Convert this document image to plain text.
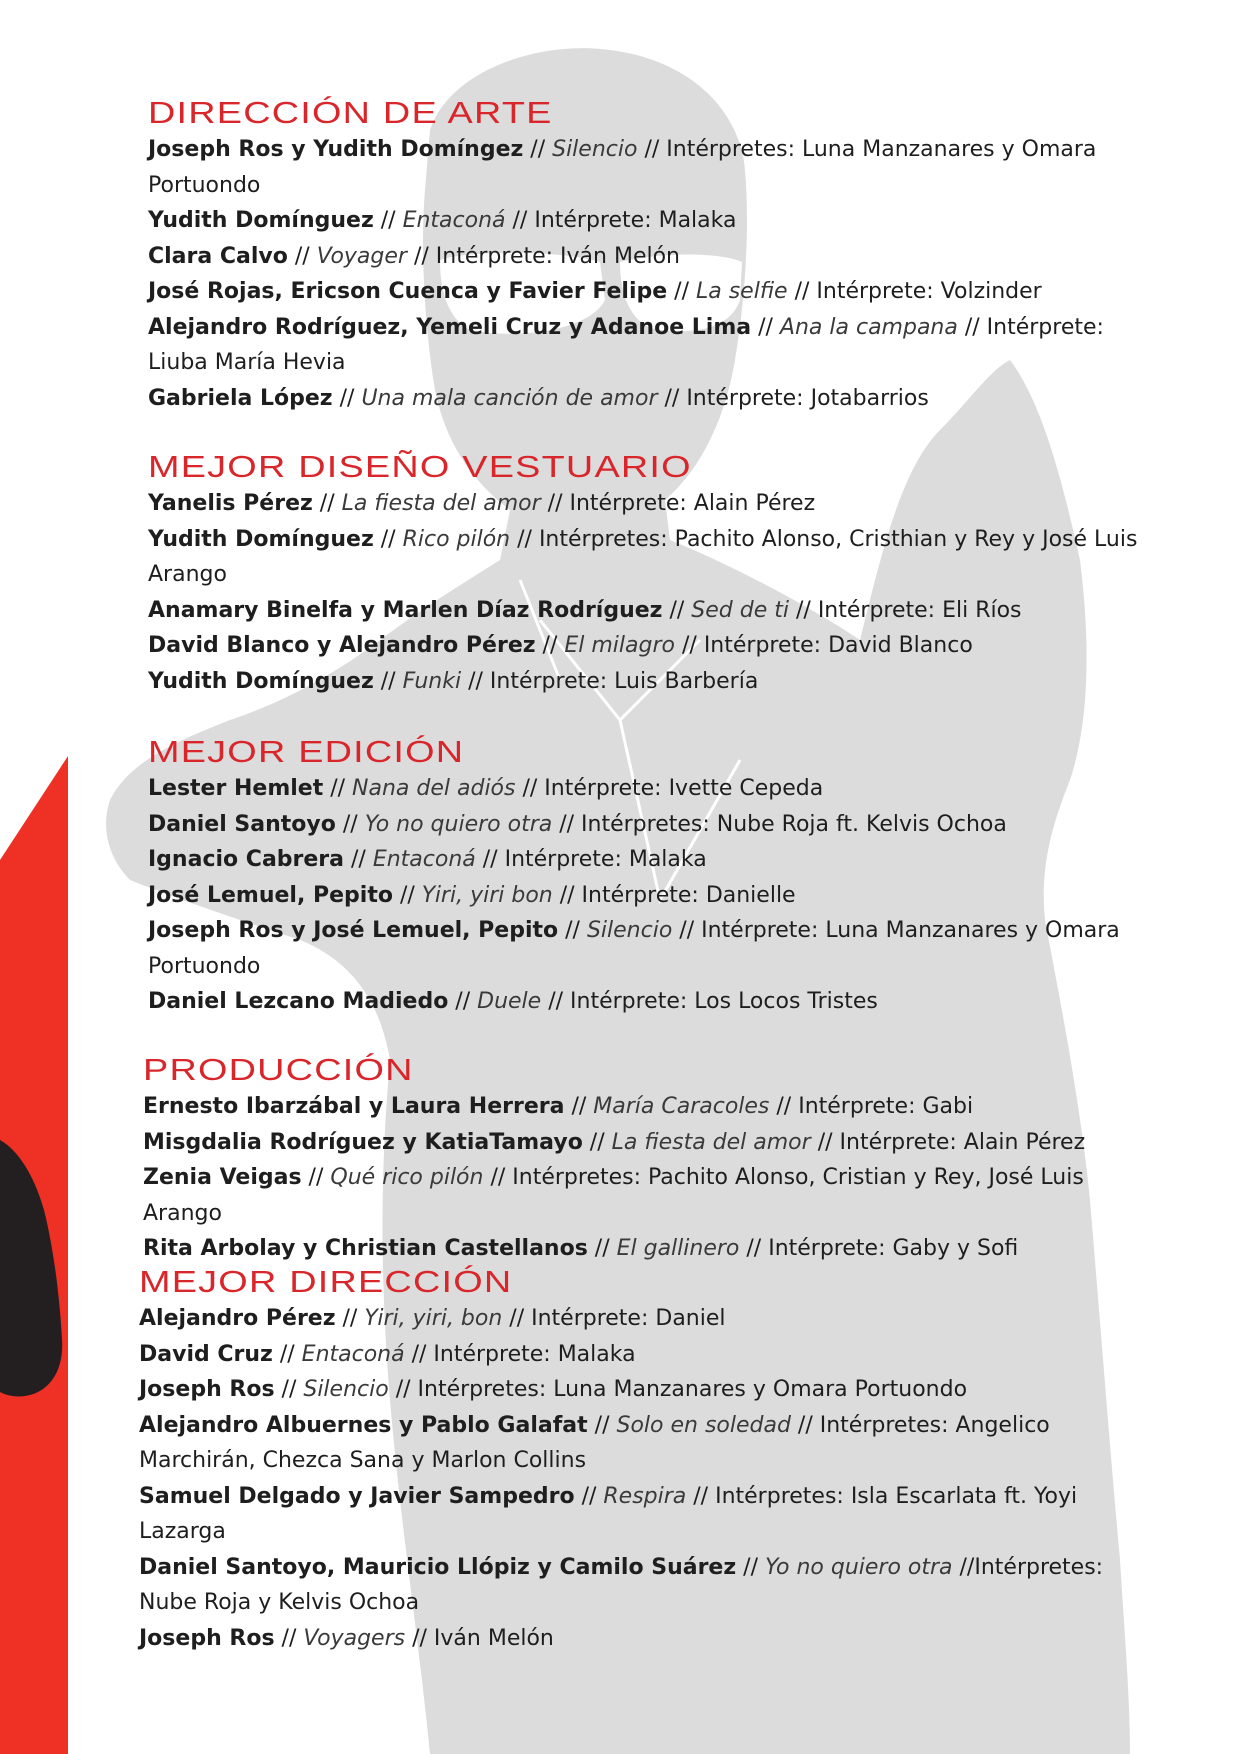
DIRECCIÓN DE ARTE
Joseph Ros y Yudith Domíngez // Silencio // Intérpretes: Luna Manzanares y Omara Portuondo
Yudith Domínguez // Entaconá // Intérprete: Malaka
Clara Calvo // Voyager // Intérprete: Iván Melón
José Rojas, Ericson Cuenca y Favier Felipe // La selfie // Intérprete: Volzinder
Alejandro Rodríguez, Yemeli Cruz y Adanoe Lima // Ana la campana // Intérprete: Liuba María Hevia
Gabriela López // Una mala canción de amor // Intérprete: Jotabarrios
MEJOR DISEÑO VESTUARIO
Yanelis Pérez // La fiesta del amor // Intérprete: Alain Pérez
Yudith Domínguez // Rico pilón // Intérpretes: Pachito Alonso, Cristhian y Rey y José Luis Arango
Anamary Binelfa y Marlen Díaz Rodríguez // Sed de ti // Intérprete: Eli Ríos
David Blanco y Alejandro Pérez // El milagro // Intérprete: David Blanco
Yudith Domínguez // Funki // Intérprete: Luis Barbería
MEJOR EDICIÓN
Lester Hemlet // Nana del adiós // Intérprete: Ivette Cepeda
Daniel Santoyo // Yo no quiero otra // Intérpretes: Nube Roja ft. Kelvis Ochoa
Ignacio Cabrera // Entaconá // Intérprete: Malaka
José Lemuel, Pepito // Yiri, yiri bon // Intérprete: Danielle
Joseph Ros y José Lemuel, Pepito // Silencio // Intérprete: Luna Manzanares y Omara Portuondo
Daniel Lezcano Madiedo // Duele // Intérprete: Los Locos Tristes
PRODUCCIÓN
Ernesto Ibarzábal y Laura Herrera // María Caracoles // Intérprete: Gabi
Misgdalia Rodríguez y KatiaTamayo // La fiesta del amor // Intérprete: Alain Pérez
Zenia Veigas // Qué rico pilón // Intérpretes: Pachito Alonso, Cristian y Rey, José Luis Arango
Rita Arbolay y Christian Castellanos // El gallinero // Intérprete: Gaby y Sofi
MEJOR DIRECCIÓN
Alejandro Pérez // Yiri, yiri, bon // Intérprete: Daniel
David Cruz // Entaconá // Intérprete: Malaka
Joseph Ros // Silencio // Intérpretes: Luna Manzanares y Omara Portuondo
Alejandro Albuernes y Pablo Galafat // Solo en soledad // Intérpretes: Angelico Marchirán, Chezca Sana y Marlon Collins
Samuel Delgado y Javier Sampedro // Respira // Intérpretes: Isla Escarlata ft. Yoyi Lazarga
Daniel Santoyo, Mauricio Llópiz y Camilo Suárez // Yo no quiero otra //Intérpretes: Nube Roja y Kelvis Ochoa
Joseph Ros // Voyagers // Iván Melón
